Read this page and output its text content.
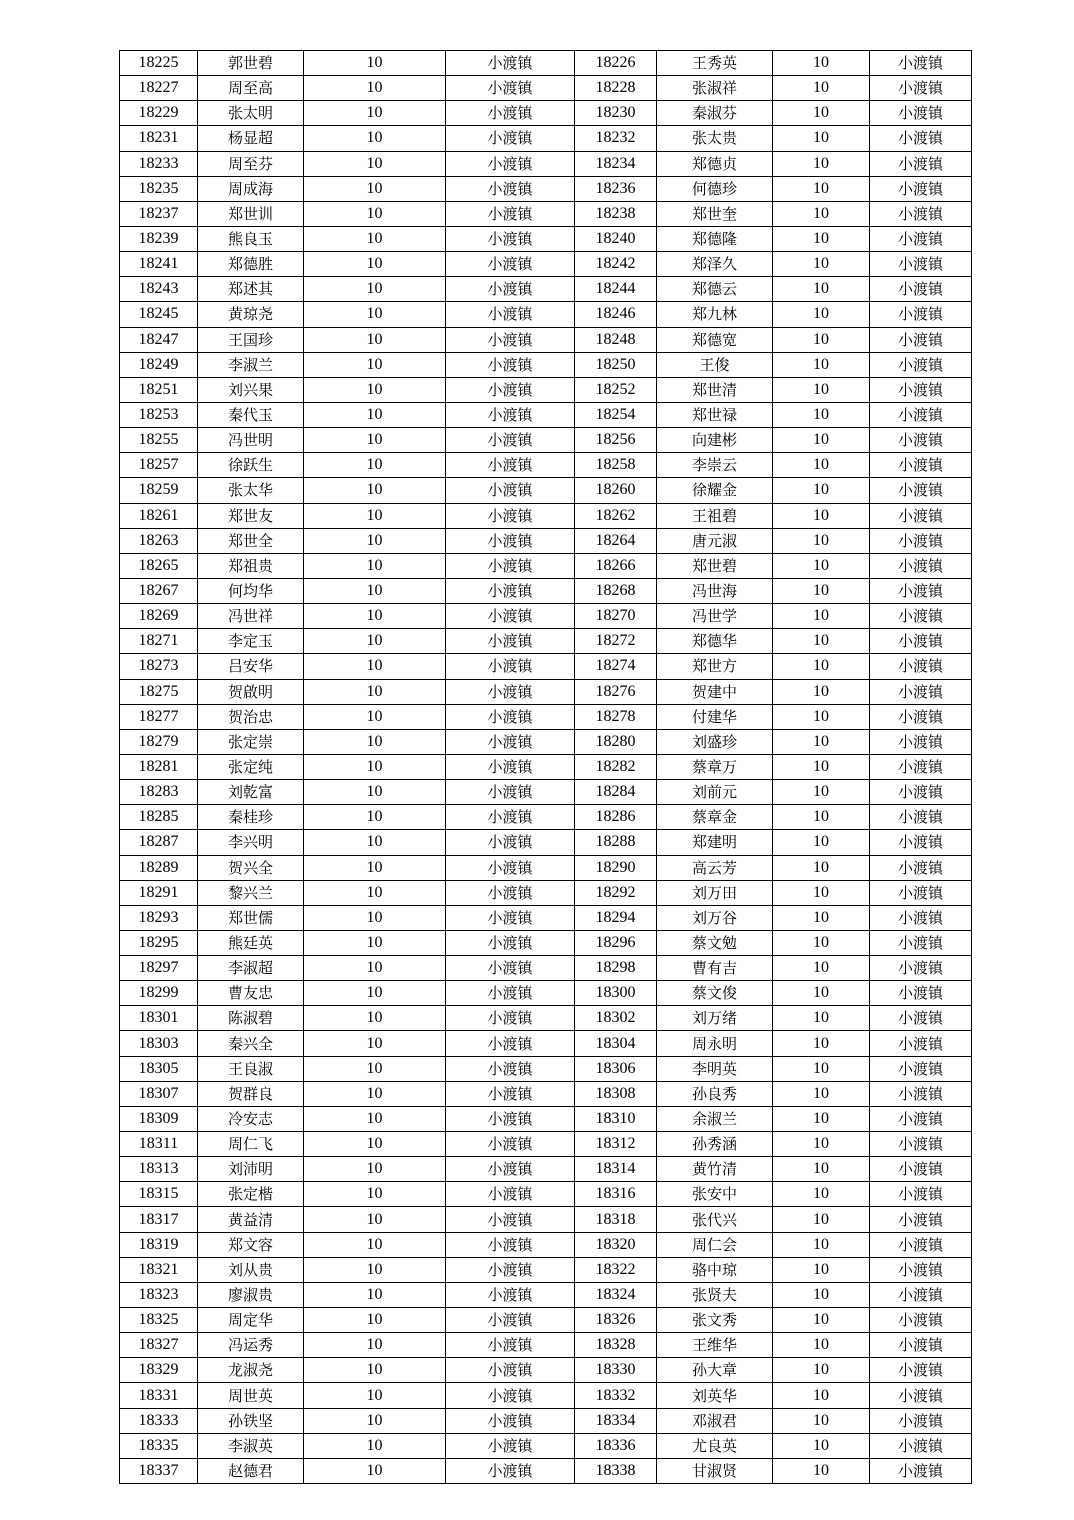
18225	郭世碧	10	小渡镇	18226	王秀英	10	小渡镇
18227	周至高	10	小渡镇	18228	张淑祥	10	小渡镇
18229	张太明	10	小渡镇	18230	秦淑芬	10	小渡镇
18231	杨显超	10	小渡镇	18232	张太贵	10	小渡镇
18233	周至芬	10	小渡镇	18234	郑德贞	10	小渡镇
18235	周成海	10	小渡镇	18236	何德珍	10	小渡镇
18237	郑世训	10	小渡镇	18238	郑世奎	10	小渡镇
18239	熊良玉	10	小渡镇	18240	郑德隆	10	小渡镇
18241	郑德胜	10	小渡镇	18242	郑泽久	10	小渡镇
18243	郑述其	10	小渡镇	18244	郑德云	10	小渡镇
18245	黄琼尧	10	小渡镇	18246	郑九林	10	小渡镇
18247	王国珍	10	小渡镇	18248	郑德宽	10	小渡镇
18249	李淑兰	10	小渡镇	18250	王俊	10	小渡镇
18251	刘兴果	10	小渡镇	18252	郑世清	10	小渡镇
18253	秦代玉	10	小渡镇	18254	郑世禄	10	小渡镇
18255	冯世明	10	小渡镇	18256	向建彬	10	小渡镇
18257	徐跃生	10	小渡镇	18258	李崇云	10	小渡镇
18259	张太华	10	小渡镇	18260	徐耀金	10	小渡镇
18261	郑世友	10	小渡镇	18262	王祖碧	10	小渡镇
18263	郑世全	10	小渡镇	18264	唐元淑	10	小渡镇
18265	郑祖贵	10	小渡镇	18266	郑世碧	10	小渡镇
18267	何均华	10	小渡镇	18268	冯世海	10	小渡镇
18269	冯世祥	10	小渡镇	18270	冯世学	10	小渡镇
18271	李定玉	10	小渡镇	18272	郑德华	10	小渡镇
18273	吕安华	10	小渡镇	18274	郑世方	10	小渡镇
18275	贺啟明	10	小渡镇	18276	贺建中	10	小渡镇
18277	贺治忠	10	小渡镇	18278	付建华	10	小渡镇
18279	张定崇	10	小渡镇	18280	刘盛珍	10	小渡镇
18281	张定纯	10	小渡镇	18282	蔡章万	10	小渡镇
18283	刘乾富	10	小渡镇	18284	刘前元	10	小渡镇
18285	秦桂珍	10	小渡镇	18286	蔡章金	10	小渡镇
18287	李兴明	10	小渡镇	18288	郑建明	10	小渡镇
18289	贺兴全	10	小渡镇	18290	高云芳	10	小渡镇
18291	黎兴兰	10	小渡镇	18292	刘万田	10	小渡镇
18293	郑世儒	10	小渡镇	18294	刘万谷	10	小渡镇
18295	熊廷英	10	小渡镇	18296	蔡文勉	10	小渡镇
18297	李淑超	10	小渡镇	18298	曹有吉	10	小渡镇
18299	曹友忠	10	小渡镇	18300	蔡文俊	10	小渡镇
18301	陈淑碧	10	小渡镇	18302	刘万绪	10	小渡镇
18303	秦兴全	10	小渡镇	18304	周永明	10	小渡镇
18305	王良淑	10	小渡镇	18306	李明英	10	小渡镇
18307	贺群良	10	小渡镇	18308	孙良秀	10	小渡镇
18309	冷安志	10	小渡镇	18310	余淑兰	10	小渡镇
18311	周仁飞	10	小渡镇	18312	孙秀涵	10	小渡镇
18313	刘沛明	10	小渡镇	18314	黄竹清	10	小渡镇
18315	张定楷	10	小渡镇	18316	张安中	10	小渡镇
18317	黄益清	10	小渡镇	18318	张代兴	10	小渡镇
18319	郑文容	10	小渡镇	18320	周仁会	10	小渡镇
18321	刘从贵	10	小渡镇	18322	骆中琼	10	小渡镇
18323	廖淑贵	10	小渡镇	18324	张贤夫	10	小渡镇
18325	周定华	10	小渡镇	18326	张文秀	10	小渡镇
18327	冯运秀	10	小渡镇	18328	王维华	10	小渡镇
18329	龙淑尧	10	小渡镇	18330	孙大章	10	小渡镇
18331	周世英	10	小渡镇	18332	刘英华	10	小渡镇
18333	孙铁坚	10	小渡镇	18334	邓淑君	10	小渡镇
18335	李淑英	10	小渡镇	18336	尤良英	10	小渡镇
18337	赵德君	10	小渡镇	18338	甘淑贤	10	小渡镇
